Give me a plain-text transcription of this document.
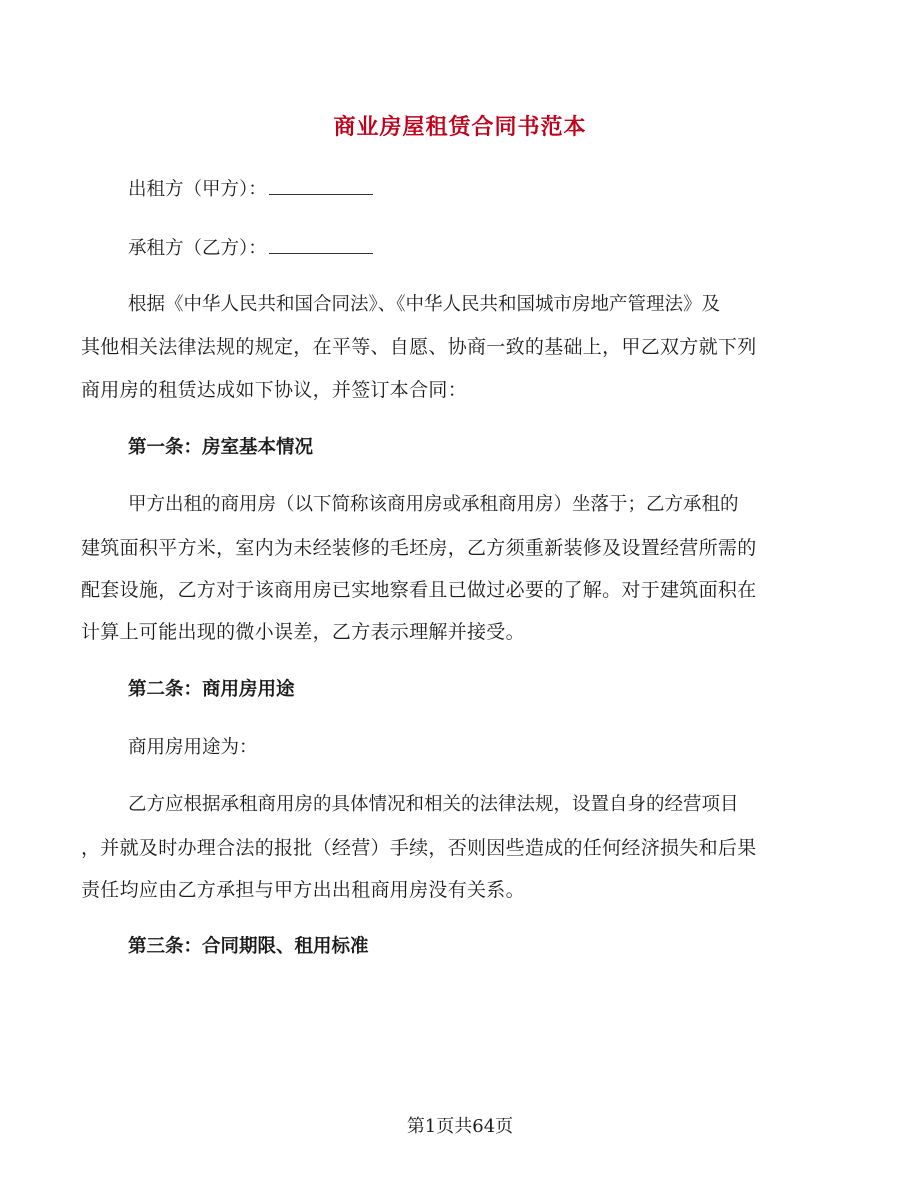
商业房屋租赁合同书范本
出租方（甲方）：
承租方（乙方）：
根据《中华人民共和国合同法》、《中华人民共和国城市房地产管理法》及
其他相关法律法规的规定，在平等、自愿、协商一致的基础上，甲乙双方就下列
商用房的租赁达成如下协议，并签订本合同：
第一条：房室基本情况
甲方出租的商用房（以下简称该商用房或承租商用房）坐落于；乙方承租的
建筑面积平方米，室内为未经装修的毛坯房，乙方须重新装修及设置经营所需的
配套设施，乙方对于该商用房已实地察看且已做过必要的了解。对于建筑面积在
计算上可能出现的微小误差，乙方表示理解并接受。
第二条：商用房用途
商用房用途为：
乙方应根据承租商用房的具体情况和相关的法律法规，设置自身的经营项目
，并就及时办理合法的报批（经营）手续，否则因些造成的任何经济损失和后果
责任均应由乙方承担与甲方出出租商用房没有关系。
第三条：合同期限、租用标准
第1页共64页
